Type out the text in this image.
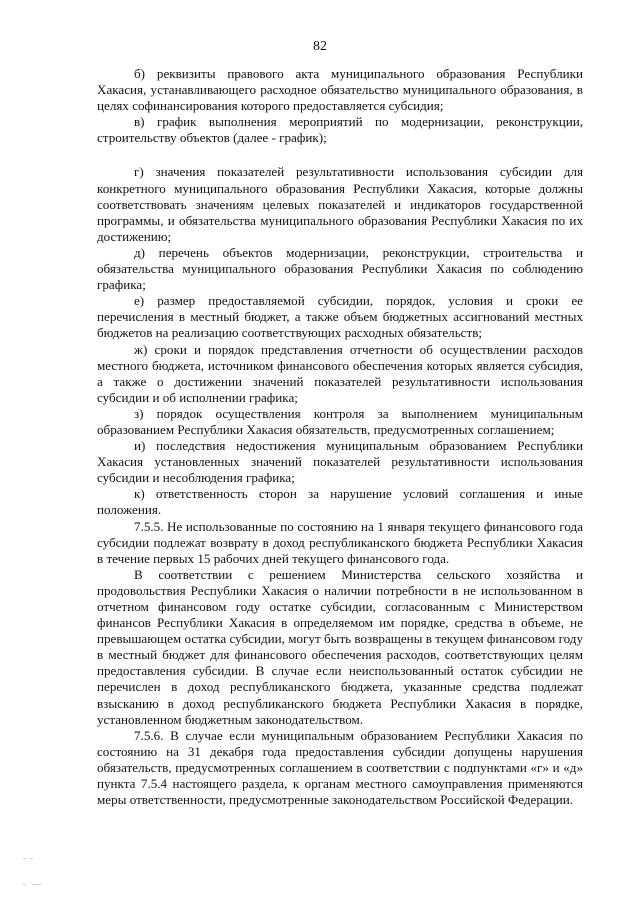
82

б) реквизиты правового акта муниципального образования Республики Хакасия, устанавливающего расходное обязательство муниципального образования, в целях софинансирования которого предоставляется субсидия;

в) график выполнения мероприятий по модернизации, реконструкции, строительству объектов (далее - график);

г) значения показателей результативности использования субсидии для конкретного муниципального образования Республики Хакасия, которые должны соответствовать значениям целевых показателей и индикаторов государственной программы, и обязательства муниципального образования Республики Хакасия по их достижению;

д) перечень объектов модернизации, реконструкции, строительства и обязательства муниципального образования Республики Хакасия по соблюдению графика;

е) размер предоставляемой субсидии, порядок, условия и сроки ее перечисления в местный бюджет, а также объем бюджетных ассигнований местных бюджетов на реализацию соответствующих расходных обязательств;

ж) сроки и порядок представления отчетности об осуществлении расходов местного бюджета, источником финансового обеспечения которых является субсидия, а также о достижении значений показателей результативности использования субсидии и об исполнении графика;

з) порядок осуществления контроля за выполнением муниципальным образованием Республики Хакасия обязательств, предусмотренных соглашением;

и) последствия недостижения муниципальным образованием Республики Хакасия установленных значений показателей результативности использования субсидии и несоблюдения графика;

к) ответственность сторон за нарушение условий соглашения и иные положения.

7.5.5. Не использованные по состоянию на 1 января текущего финансового года субсидии подлежат возврату в доход республиканского бюджета Республики Хакасия в течение первых 15 рабочих дней текущего финансового года.

В соответствии с решением Министерства сельского хозяйства и продовольствия Республики Хакасия о наличии потребности в не использованном в отчетном финансовом году остатке субсидии, согласованным с Министерством финансов Республики Хакасия в определяемом им порядке, средства в объеме, не превышающем остатка субсидии, могут быть возвращены в текущем финансовом году в местный бюджет для финансового обеспечения расходов, соответствующих целям предоставления субсидии. В случае если неиспользованный остаток субсидии не перечислен в доход республиканского бюджета, указанные средства подлежат взысканию в доход республиканского бюджета Республики Хакасия в порядке, установленном бюджетным законодательством.

7.5.6. В случае если муниципальным образованием Республики Хакасия по состоянию на 31 декабря года предоставления субсидии допущены нарушения обязательств, предусмотренных соглашением в соответствии с подпунктами «г» и «д» пункта 7.5.4 настоящего раздела, к органам местного самоуправления применяются меры ответственности, предусмотренные законодательством Российской Федерации.
